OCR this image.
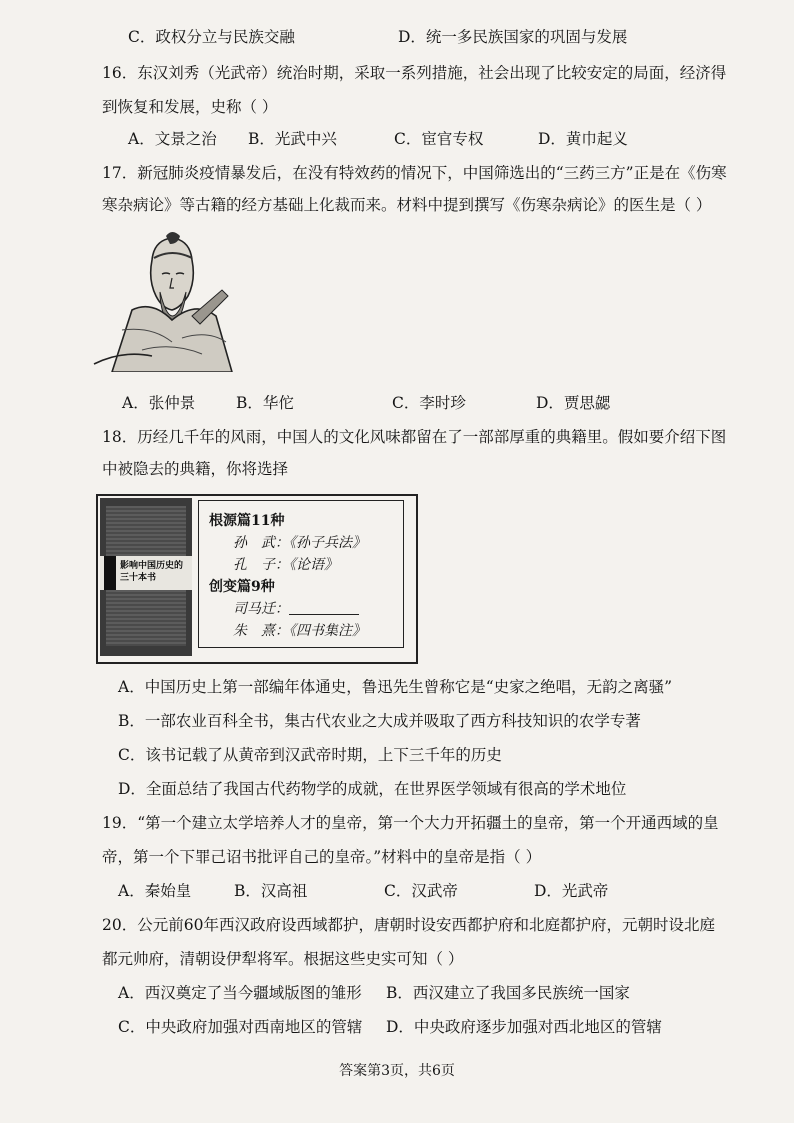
C．政权分立与民族交融	D．统一多民族国家的巩固与发展
16．东汉刘秀（光武帝）统治时期，采取一系列措施，社会出现了比较安定的局面，经济得
到恢复和发展，史称（ ）
A．文景之治 B．光武中兴	C．宦官专权	D．黄巾起义
17．新冠肺炎疫情暴发后，在没有特效药的情况下，中国筛选出的“三药三方”正是在《伤寒
寒杂病论》等古籍的经方基础上化裁而来。材料中提到撰写《伤寒杂病论》的医生是（ ）
A．张仲景	B．华佗	C．李时珍	D．贾思勰
18．历经几千年的风雨，中国人的文化风味都留在了一部部厚重的典籍里。假如要介绍下图
中被隐去的典籍，你将选择
影响中国历史的三十本书
根源篇11种
孙　武：《孙子兵法》
孔　子：《论语》
创变篇9种
司马迁：
朱　熹：《四书集注》
A．中国历史上第一部编年体通史，鲁迅先生曾称它是“史家之绝唱，无韵之离骚”
B．一部农业百科全书，集古代农业之大成并吸取了西方科技知识的农学专著
C．该书记载了从黄帝到汉武帝时期，上下三千年的历史
D．全面总结了我国古代药物学的成就，在世界医学领域有很高的学术地位
19．“第一个建立太学培养人才的皇帝，第一个大力开拓疆土的皇帝，第一个开通西域的皇
帝，第一个下罪己诏书批评自己的皇帝。”材料中的皇帝是指（ ）
A．秦始皇	B．汉高祖	C．汉武帝	D．光武帝
20．公元前60年西汉政府设西域都护，唐朝时设安西都护府和北庭都护府，元朝时设北庭
都元帅府，清朝设伊犁将军。根据这些史实可知（ ）
A．西汉奠定了当今疆域版图的雏形 B．西汉建立了我国多民族统一国家
C．中央政府加强对西南地区的管辖 D．中央政府逐步加强对西北地区的管辖
答案第3页，共6页
